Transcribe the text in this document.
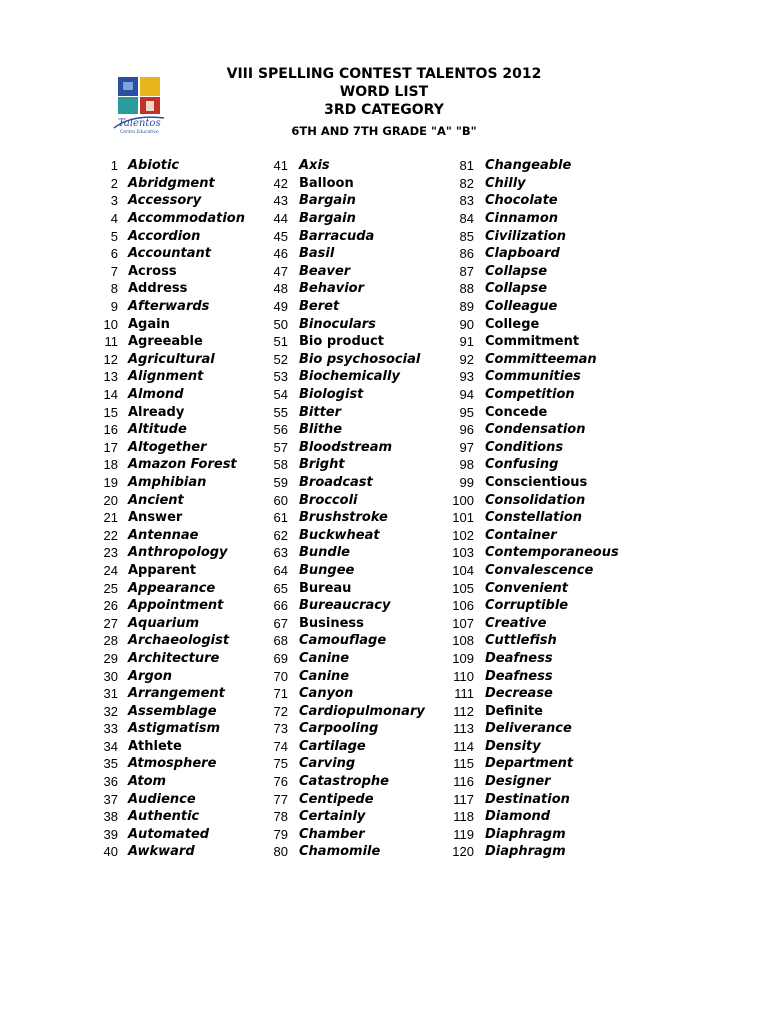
Talentos
Centro Educativo
VIII SPELLING CONTEST TALENTOS 2012
WORD LIST
3RD CATEGORY
6TH AND 7TH GRADE "A" "B"
1 Abiotic
2 Abridgment
3 Accessory
4 Accommodation
5 Accordion
6 Accountant
7 Across
8 Address
9 Afterwards
10 Again
11 Agreeable
12 Agricultural
13 Alignment
14 Almond
15 Already
16 Altitude
17 Altogether
18 Amazon Forest
19 Amphibian
20 Ancient
21 Answer
22 Antennae
23 Anthropology
24 Apparent
25 Appearance
26 Appointment
27 Aquarium
28 Archaeologist
29 Architecture
30 Argon
31 Arrangement
32 Assemblage
33 Astigmatism
34 Athlete
35 Atmosphere
36 Atom
37 Audience
38 Authentic
39 Automated
40 Awkward
41 Axis
42 Balloon
43 Bargain
44 Bargain
45 Barracuda
46 Basil
47 Beaver
48 Behavior
49 Beret
50 Binoculars
51 Bio product
52 Bio psychosocial
53 Biochemically
54 Biologist
55 Bitter
56 Blithe
57 Bloodstream
58 Bright
59 Broadcast
60 Broccoli
61 Brushstroke
62 Buckwheat
63 Bundle
64 Bungee
65 Bureau
66 Bureaucracy
67 Business
68 Camouflage
69 Canine
70 Canine
71 Canyon
72 Cardiopulmonary
73 Carpooling
74 Cartilage
75 Carving
76 Catastrophe
77 Centipede
78 Certainly
79 Chamber
80 Chamomile
81 Changeable
82 Chilly
83 Chocolate
84 Cinnamon
85 Civilization
86 Clapboard
87 Collapse
88 Collapse
89 Colleague
90 College
91 Commitment
92 Committeeman
93 Communities
94 Competition
95 Concede
96 Condensation
97 Conditions
98 Confusing
99 Conscientious
100 Consolidation
101 Constellation
102 Container
103 Contemporaneous
104 Convalescence
105 Convenient
106 Corruptible
107 Creative
108 Cuttlefish
109 Deafness
110 Deafness
111 Decrease
112 Definite
113 Deliverance
114 Density
115 Department
116 Designer
117 Destination
118 Diamond
119 Diaphragm
120 Diaphragm
